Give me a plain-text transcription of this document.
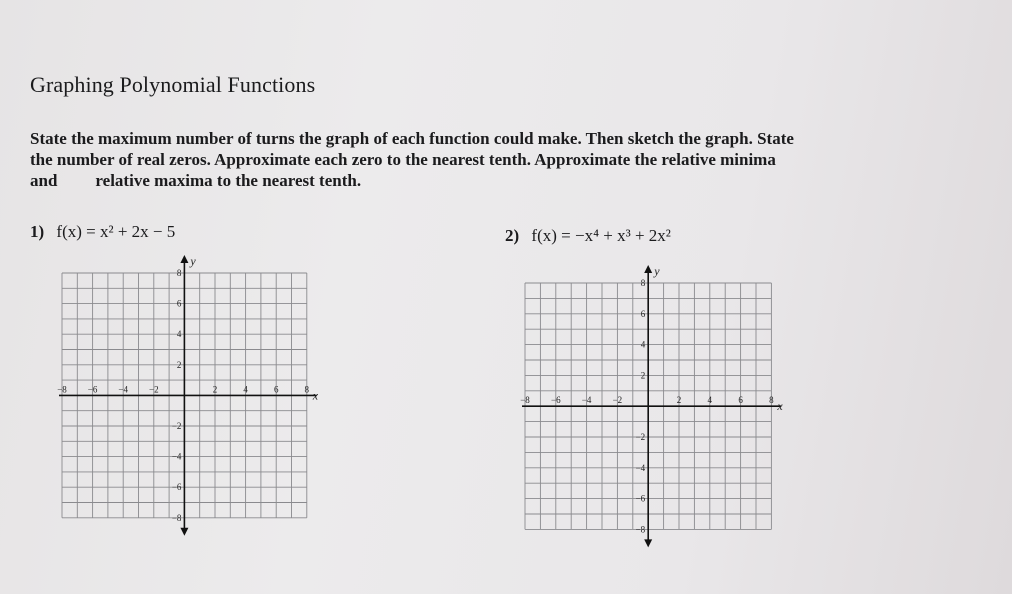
Graphing Polynomial Functions

State the maximum number of turns the graph of each function could make. Then sketch the graph. State
the number of real zeros. Approximate each zero to the nearest tenth. Approximate the relative minima
and relative maxima to the nearest tenth.

1) f(x) = x² + 2x − 5	2) f(x) = −x⁴ + x³ + 2x²
y
x
−8 −6 −4 −2	2	4	6	8
8
6
4
2
−2
−4
−6
−8
y
x
−8 −6 −4 −2	2	4	6	8
8
6
4
2
−2
−4
−6
−8
